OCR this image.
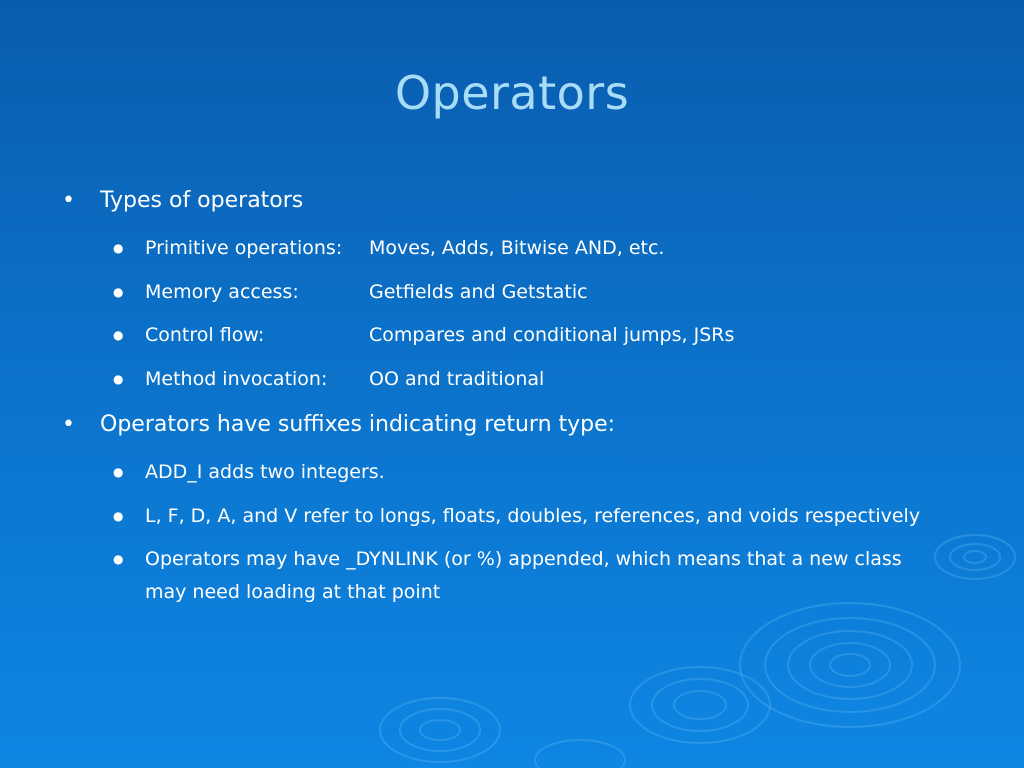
Operators
• Types of operators
● Primitive operations: Moves, Adds, Bitwise AND, etc.
● Memory access:	Getfields and Getstatic
● Control flow:	Compares and conditional jumps, JSRs
● Method invocation: OO and traditional
• Operators have suffixes indicating return type:
● ADD_I adds two integers.
● L, F, D, A, and V refer to longs, floats, doubles, references, and voids respectively
● Operators may have _DYNLINK (or %) appended, which means that a new class
may need loading at that point
